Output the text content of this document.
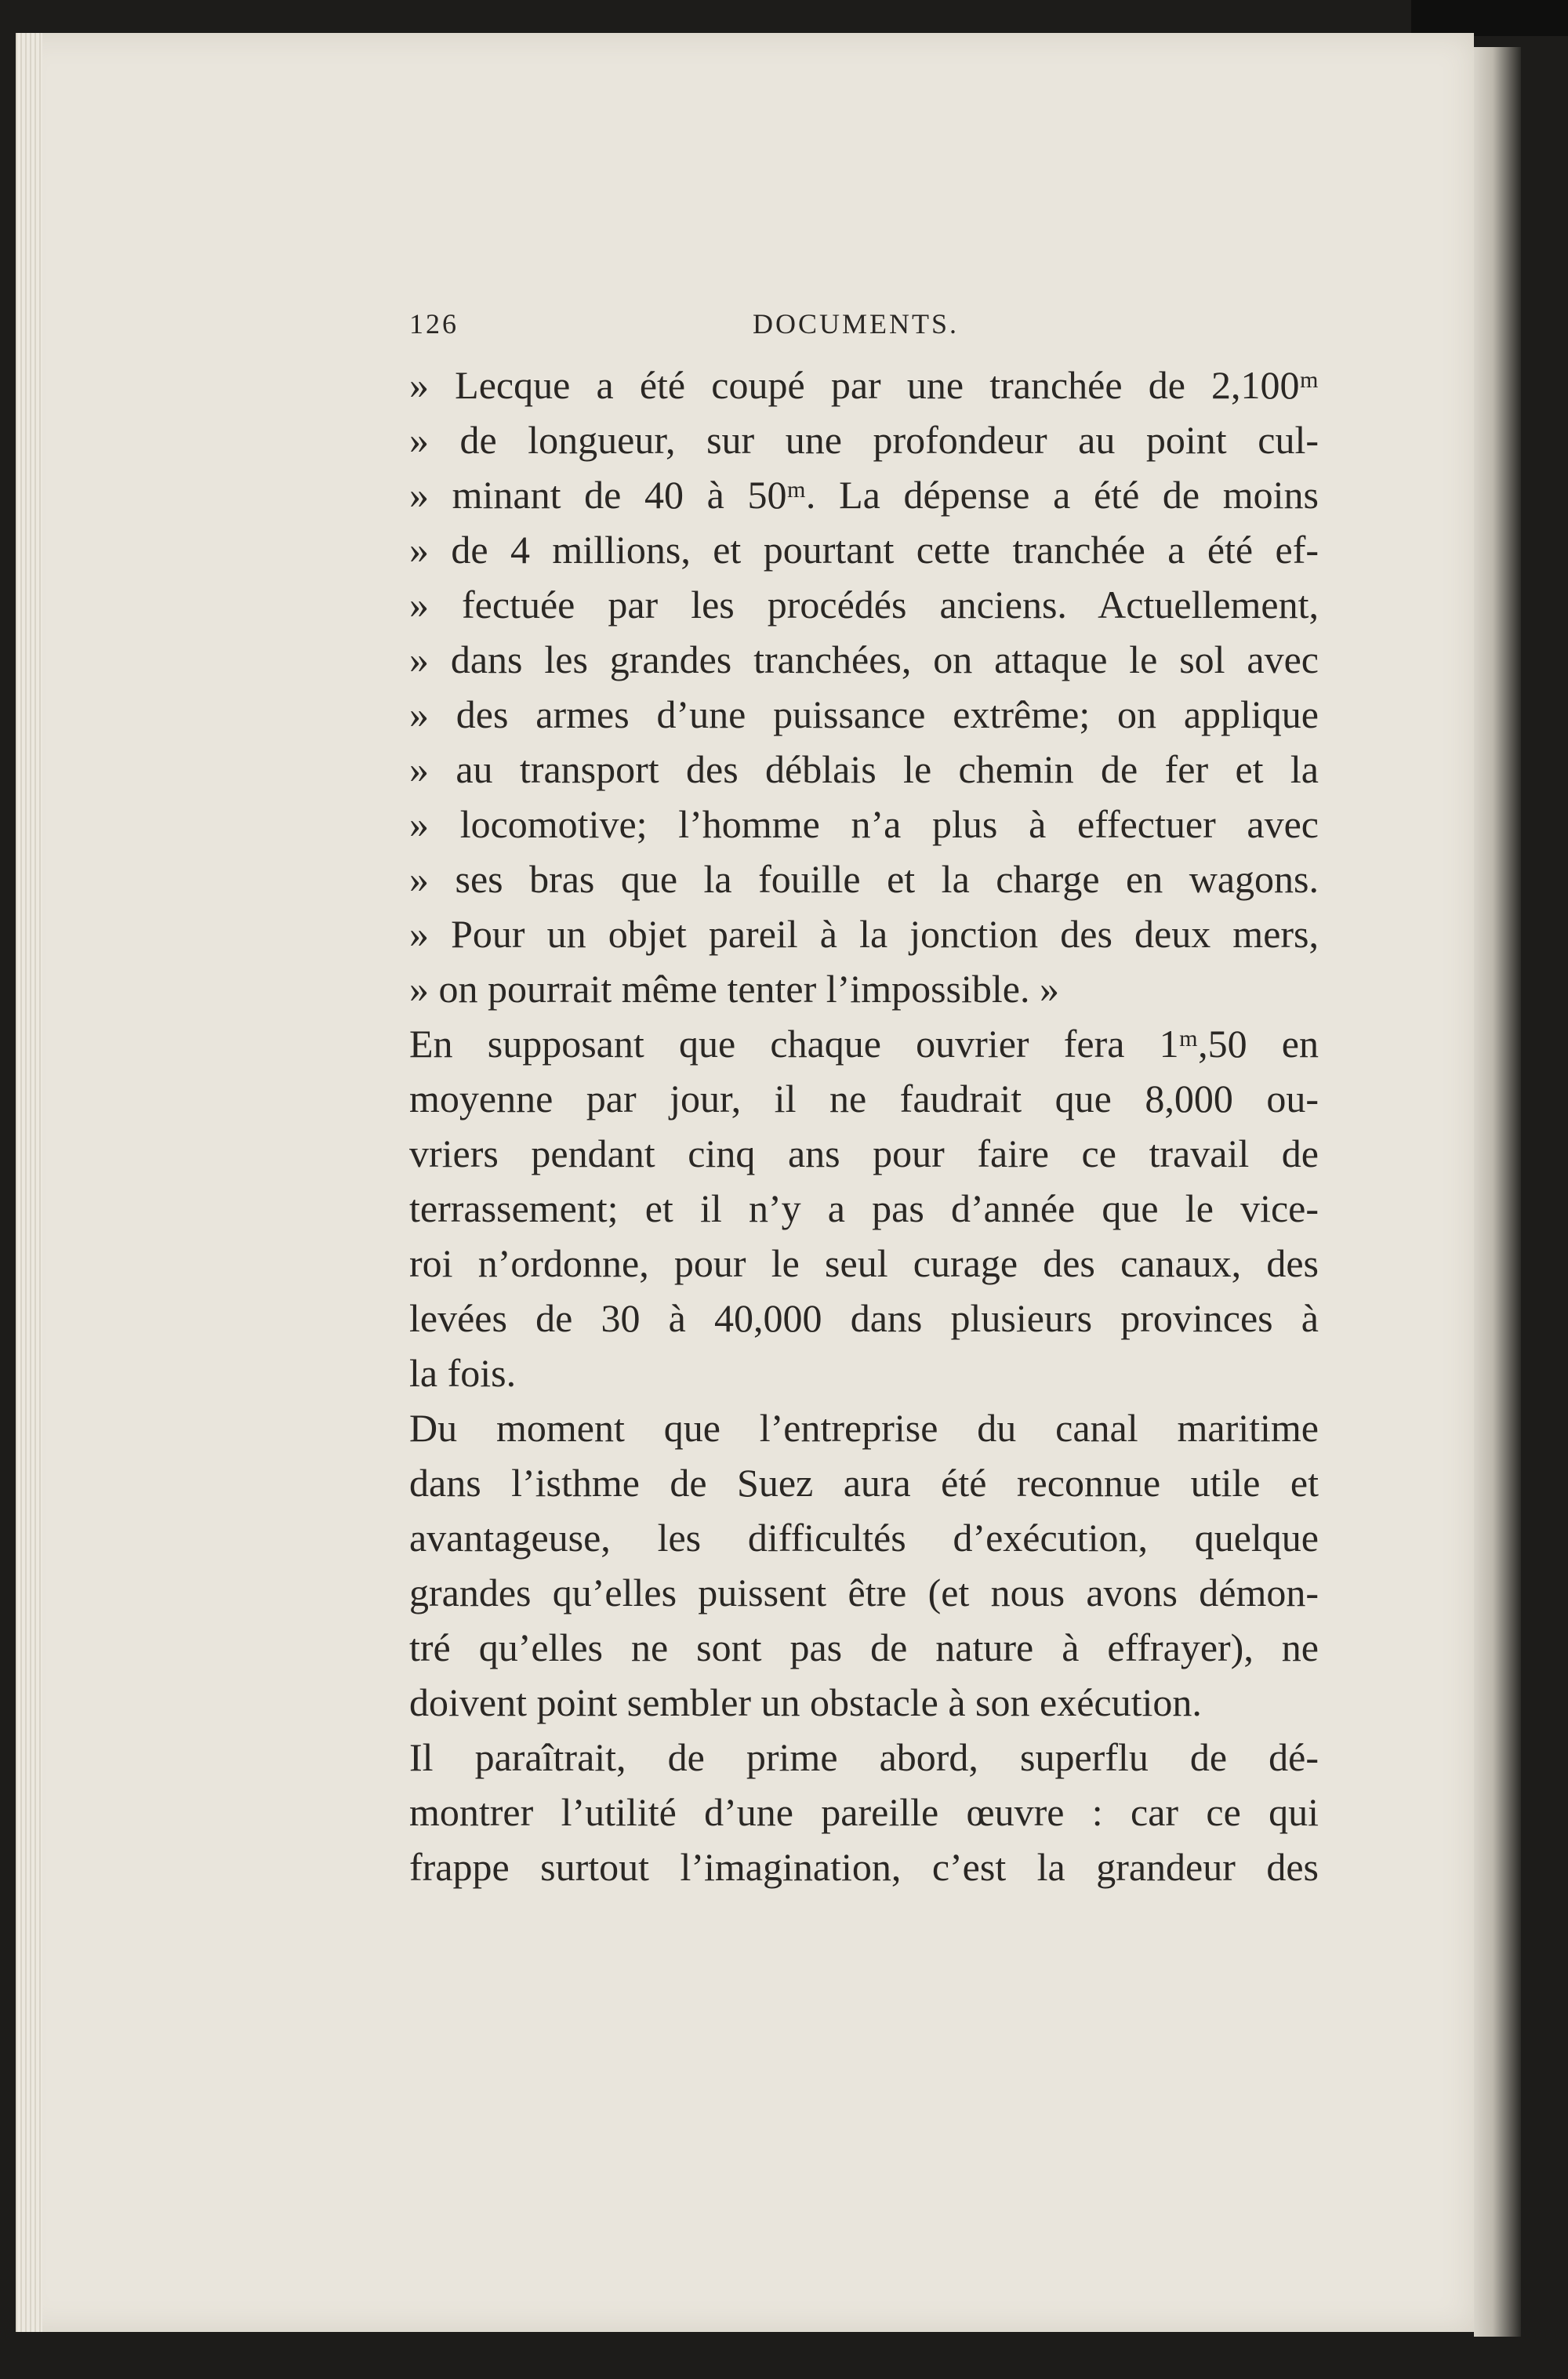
126	DOCUMENTS.
» Lecque a été coupé par une tranchée de 2,100ᵐ
» de longueur, sur une profondeur au point cul-
» minant de 40 à 50ᵐ. La dépense a été de moins
» de 4 millions, et pourtant cette tranchée a été ef-
» fectuée par les procédés anciens. Actuellement,
» dans les grandes tranchées, on attaque le sol avec
» des armes d’une puissance extrême; on applique
» au transport des déblais le chemin de fer et la
» locomotive; l’homme n’a plus à effectuer avec
» ses bras que la fouille et la charge en wagons.
» Pour un objet pareil à la jonction des deux mers,
» on pourrait même tenter l’impossible. »
En supposant que chaque ouvrier fera 1ᵐ,50 en
moyenne par jour, il ne faudrait que 8,000 ou-
vriers pendant cinq ans pour faire ce travail de
terrassement; et il n’y a pas d’année que le vice-
roi n’ordonne, pour le seul curage des canaux, des
levées de 30 à 40,000 dans plusieurs provinces à
la fois.
Du moment que l’entreprise du canal maritime
dans l’isthme de Suez aura été reconnue utile et
avantageuse, les difficultés d’exécution, quelque
grandes qu’elles puissent être (et nous avons démon-
tré qu’elles ne sont pas de nature à effrayer), ne
doivent point sembler un obstacle à son exécution.
Il paraîtrait, de prime abord, superflu de dé-
montrer l’utilité d’une pareille œuvre : car ce qui
frappe surtout l’imagination, c’est la grandeur des
